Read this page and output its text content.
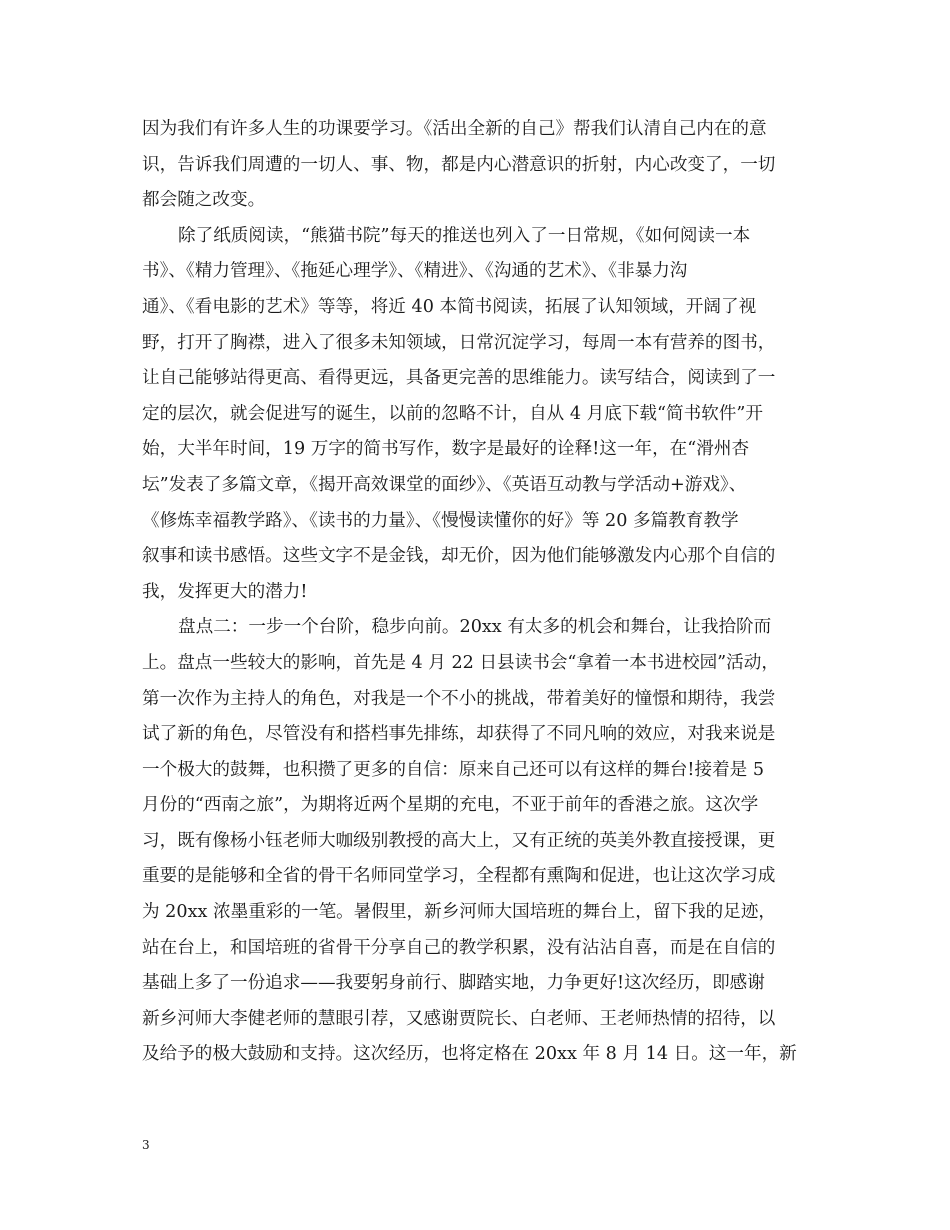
因为我们有许多人生的功课要学习。《活出全新的自己》帮我们认清自己内在的意
识，告诉我们周遭的一切人、事、物，都是内心潜意识的折射，内心改变了，一切
都会随之改变。
除了纸质阅读，“熊猫书院”每天的推送也列入了一日常规，《如何阅读一本
书》、《精力管理》、《拖延心理学》、《精进》、《沟通的艺术》、《非暴力沟
通》、《看电影的艺术》等等，将近 40 本简书阅读，拓展了认知领域，开阔了视
野，打开了胸襟，进入了很多未知领域，日常沉淀学习，每周一本有营养的图书，
让自己能够站得更高、看得更远，具备更完善的思维能力。读写结合，阅读到了一
定的层次，就会促进写的诞生，以前的忽略不计，自从 4 月底下载“简书软件”开
始，大半年时间，19 万字的简书写作，数字是最好的诠释!这一年，在“滑州杏
坛”发表了多篇文章，《揭开高效课堂的面纱》、《英语互动教与学活动+游戏》、
《修炼幸福教学路》、《读书的力量》、《慢慢读懂你的好》等 20 多篇教育教学
叙事和读书感悟。这些文字不是金钱，却无价，因为他们能够激发内心那个自信的
我，发挥更大的潜力!
盘点二：一步一个台阶，稳步向前。20xx 有太多的机会和舞台，让我拾阶而
上。盘点一些较大的影响，首先是 4 月 22 日县读书会“拿着一本书进校园”活动，
第一次作为主持人的角色，对我是一个不小的挑战，带着美好的憧憬和期待，我尝
试了新的角色，尽管没有和搭档事先排练，却获得了不同凡响的效应，对我来说是
一个极大的鼓舞，也积攒了更多的自信：原来自己还可以有这样的舞台!接着是 5
月份的“西南之旅”，为期将近两个星期的充电，不亚于前年的香港之旅。这次学
习，既有像杨小钰老师大咖级别教授的高大上，又有正统的英美外教直接授课，更
重要的是能够和全省的骨干名师同堂学习，全程都有熏陶和促进，也让这次学习成
为 20xx 浓墨重彩的一笔。暑假里，新乡河师大国培班的舞台上，留下我的足迹，
站在台上，和国培班的省骨干分享自己的教学积累，没有沾沾自喜，而是在自信的
基础上多了一份追求——我要躬身前行、脚踏实地，力争更好!这次经历，即感谢
新乡河师大李健老师的慧眼引荐，又感谢贾院长、白老师、王老师热情的招待，以
及给予的极大鼓励和支持。这次经历，也将定格在 20xx 年 8 月 14 日。这一年，新
3
